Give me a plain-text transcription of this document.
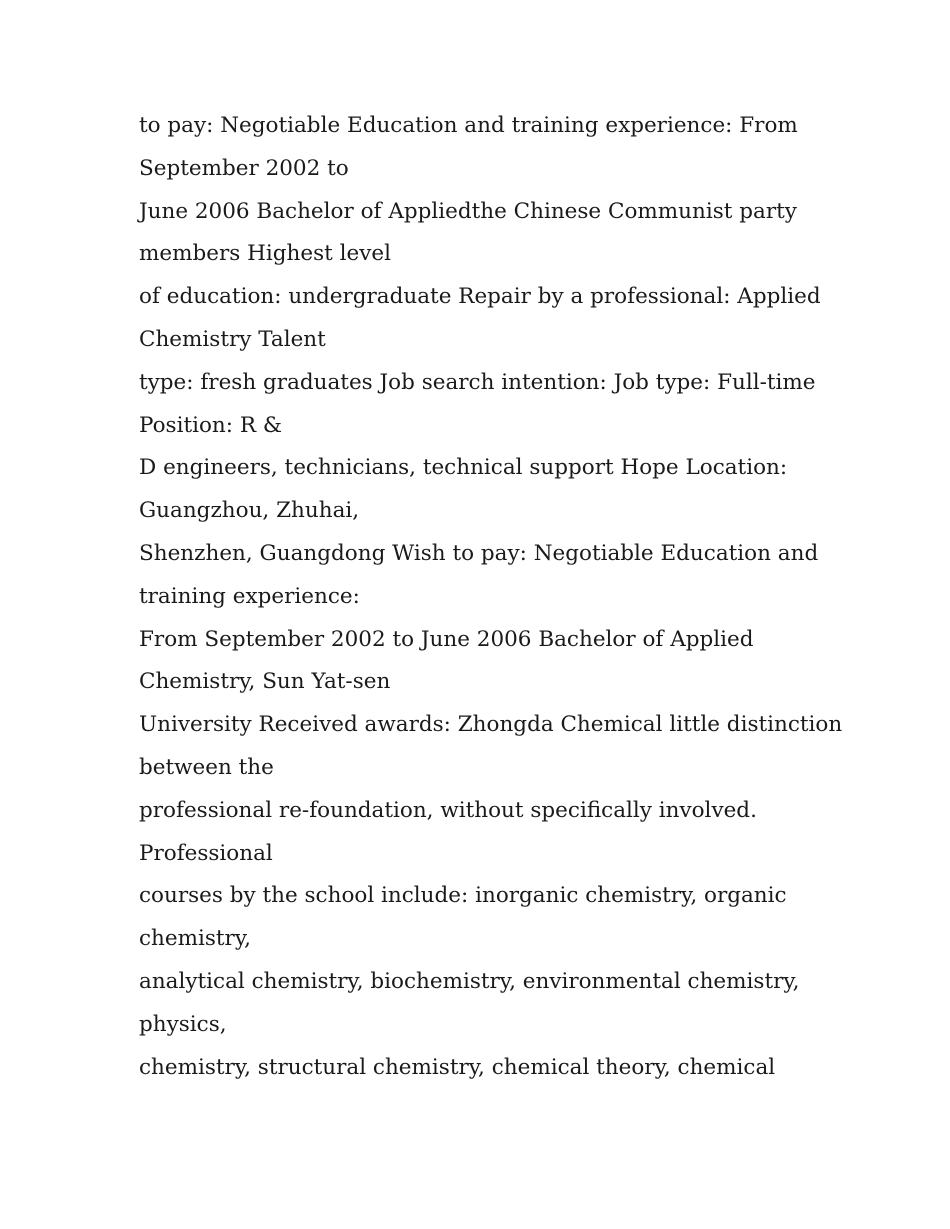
to pay: Negotiable Education and training experience: From
September 2002 to
June 2006 Bachelor of Appliedthe Chinese Communist party
members Highest level
of education: undergraduate Repair by a professional: Applied
Chemistry Talent
type: fresh graduates Job search intention: Job type: Full-time
Position: R &
D engineers, technicians, technical support Hope Location:
Guangzhou, Zhuhai,
Shenzhen, Guangdong Wish to pay: Negotiable Education and
training experience:
From September 2002 to June 2006 Bachelor of Applied
Chemistry, Sun Yat-sen
University Received awards: Zhongda Chemical little distinction
between the
professional re-foundation, without specifically involved.
Professional
courses by the school include: inorganic chemistry, organic
chemistry,
analytical chemistry, biochemistry, environmental chemistry,
physics,
chemistry, structural chemistry, chemical theory, chemical
